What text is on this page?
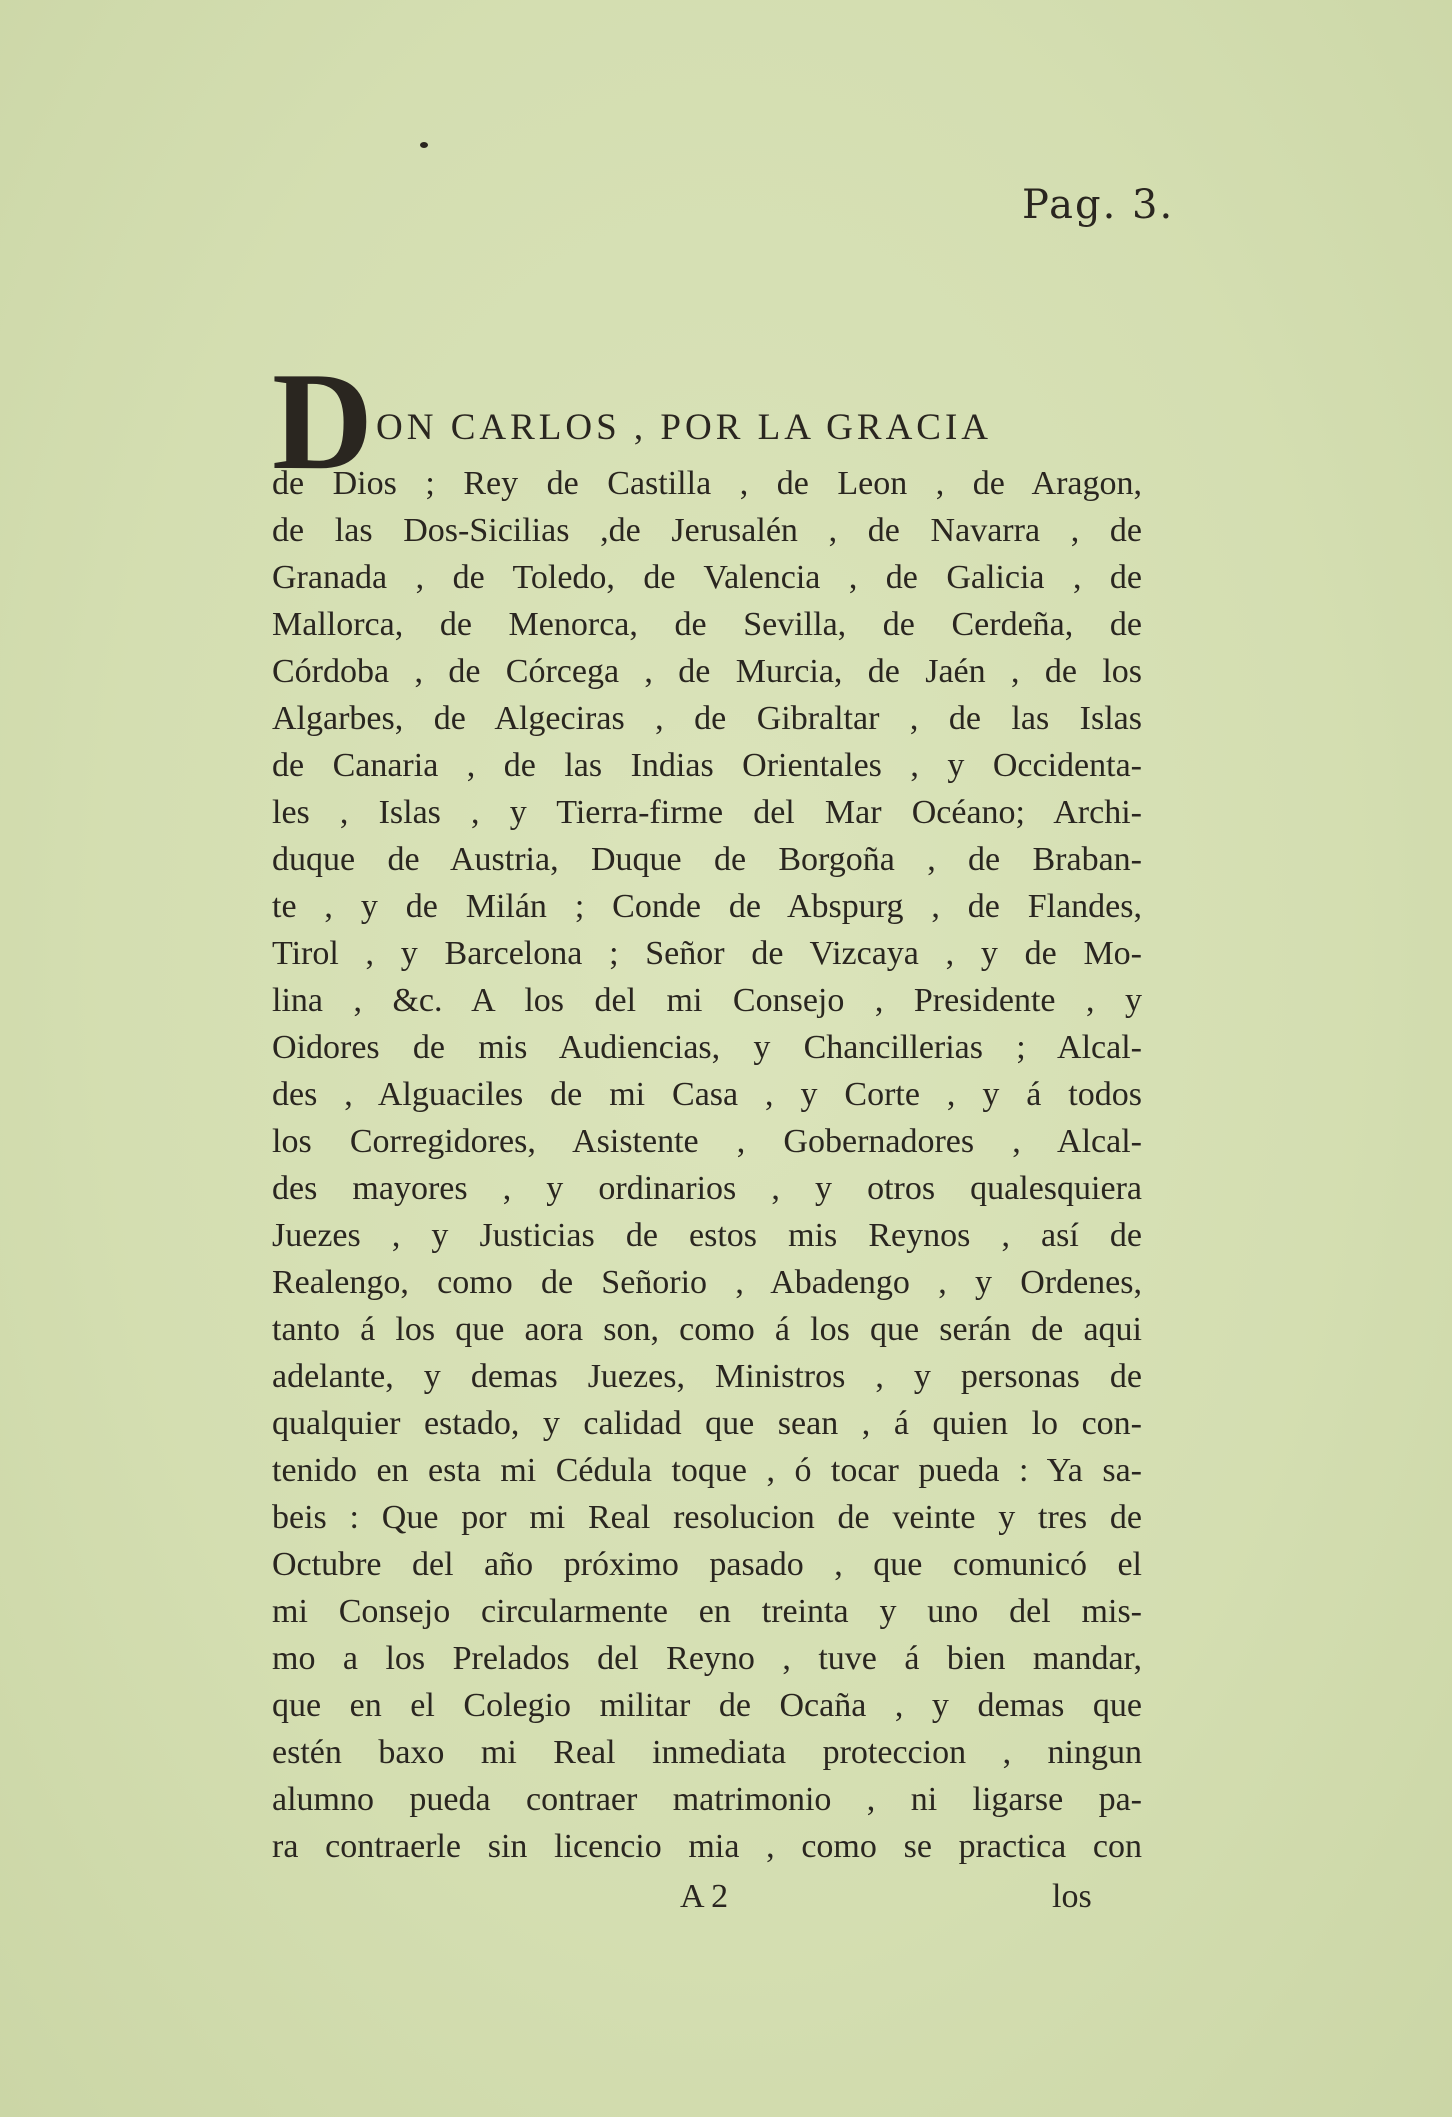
Pag. 3.
D ON CARLOS , POR LA GRACIA
de Dios ; Rey de Castilla , de Leon , de Aragon,
de las Dos-Sicilias ,de Jerusalén , de Navarra , de
Granada , de Toledo, de Valencia , de Galicia , de
Mallorca, de Menorca, de Sevilla, de Cerdeña, de
Córdoba , de Córcega , de Murcia, de Jaén , de los
Algarbes, de Algeciras , de Gibraltar , de las Islas
de Canaria , de las Indias Orientales , y Occidenta-
les , Islas , y Tierra-firme del Mar Océano; Archi-
duque de Austria, Duque de Borgoña , de Braban-
te , y de Milán ; Conde de Abspurg , de Flandes,
Tirol , y Barcelona ; Señor de Vizcaya , y de Mo-
lina , &c. A los del mi Consejo , Presidente , y
Oidores de mis Audiencias, y Chancillerias ; Alcal-
des , Alguaciles de mi Casa , y Corte , y á todos
los Corregidores, Asistente , Gobernadores , Alcal-
des mayores , y ordinarios , y otros qualesquiera
Juezes , y Justicias de estos mis Reynos , así de
Realengo, como de Señorio , Abadengo , y Ordenes,
tanto á los que aora son, como á los que serán de aqui
adelante, y demas Juezes, Ministros , y personas de
qualquier estado, y calidad que sean , á quien lo con-
tenido en esta mi Cédula toque , ó tocar pueda : Ya sa-
beis : Que por mi Real resolucion de veinte y tres de
Octubre del año próximo pasado , que comunicó el
mi Consejo circularmente en treinta y uno del mis-
mo a los Prelados del Reyno , tuve á bien mandar,
que en el Colegio militar de Ocaña , y demas que
estén baxo mi Real inmediata proteccion , ningun
alumno pueda contraer matrimonio , ni ligarse pa-
ra contraerle sin licencio mia , como se practica con
A 2	los
